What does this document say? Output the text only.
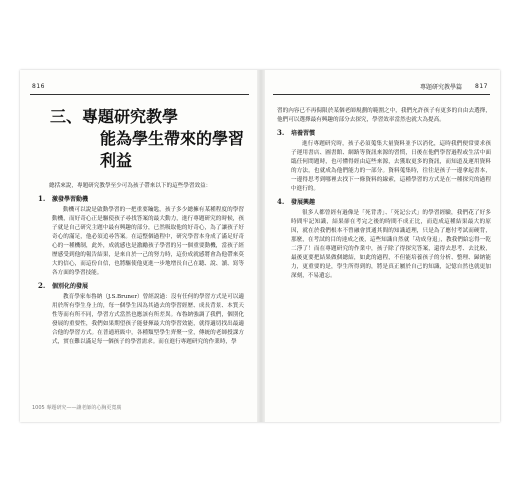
816
三、專題研究教學
能為學生帶來的學習利益

總括來說，專題研究教學至少可為孩子帶來以下的這些學習效益：

1.	激發學習動機

動機可以說是啟動學習的一把重要鑰匙，孩子多少總擁有某種程度的學習動機，而好奇心正是驅使孩子尋找答案的最大動力，進行專題研究的時候，孩子就是自己研究主題中最有興趣的部分，已然吸取他的好奇心，為了讓孩子好奇心的滿足，他必須追尋答案。在這整個過程中，研究學習本身成了滿足好奇心的一種機制，此外，成就感也是激勵孩子學習的另一個重要動機，當孩子經歷感受到他的報告結果，是來自於一己的努力時，這份成就感將會為他帶來莫大的信心，而這份自信，也將驅使他更進一步地增長自己在聽、說、讀、寫等各方面的學習技能。

2.	個別化的發展

教育學家布魯納（J.S.Bruner）曾經說過：沒有任何的學習方式是可以適用於所有學生身上的，每一個學生因為其過去的學習經歷、成長背景、本質天性等而有所不同，學習方式當然也應該有所差異。布魯納強調了我們，個別化發展的重要性，我們如果期望孩子能發揮最大的學習效能，就得適切找出最適合他的學習方式。在普通班級中，各種類型學生齊聚一堂，傳統的老師授課方式，實在難以滿足每一個孩子的學習需求。而在進行專題研究的作業時，學

1005 專題研究——讓老師的心胸更寬廣
專題研究教學篇 817

習的內容已不再侷限於某個老師規劃的範圍之中，我們允許孩子有更多的自由去選擇，他們可以選擇最有興趣的部分去探究，學習效率當然也就大為提高。

3.	培養習慣

進行專題研究時，孩子必須蒐集大量資料並予以消化，這時我們便常要求孩子運用書店、圖書館、網路等資訊來源的習慣，日後在他們學習過程或生活中面臨任何問題時，也可懂得經由這些來源，去獲取更多的資訊，而知道及運用資料的方法，也就成為他們能力的一部分。資料蒐集時，往往是孩子一邊拿起書本，一邊得思考到哪裡去找下一條資料的線索，這種學習的方式是在一種探究的過程中進行的。

4.	發展興趣

很多人都曾經有過像是「死背書」、「死記公式」的學習經驗，我們花了好多時間牢記知識，結果卻在考完之後的時間不成正比，而造成這種結果最大的原因，就在於我們根本不曾融會貫通其間的知識道理，只是為了應付考試而硬背，那麼，在考試的目的達成之後，這些知識自然就「功成身退」，教我們給忘得一乾二淨了！而在專題研究的作業中，孩子除了得探究答案，還得去思考、去比較，最後更要把結果做個總結，如此的過程，不但能培養孩子的分析、整理、歸納能力，更重要的是，學生所得到的，將是真正屬於自己的知識，記憶自然也就更加深刻，不易遺忘。
